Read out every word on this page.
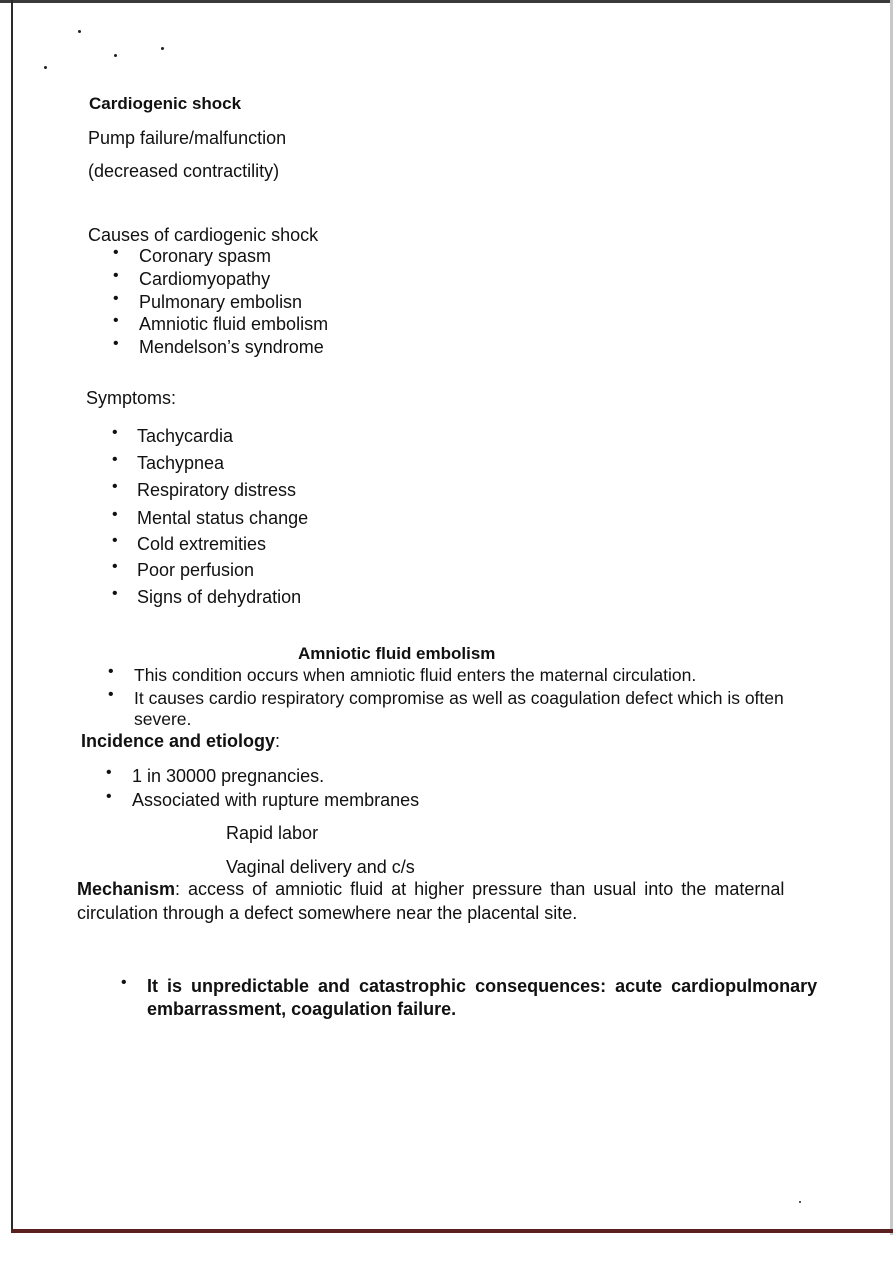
Cardiogenic shock
Pump failure/malfunction
(decreased contractility)
Causes of cardiogenic shock
• Coronary spasm
• Cardiomyopathy
• Pulmonary embolisn
• Amniotic fluid embolism
• Mendelson’s syndrome
Symptoms:
• Tachycardia
• Tachypnea
• Respiratory distress
• Mental status change
• Cold extremities
• Poor perfusion
• Signs of dehydration
Amniotic fluid embolism
• This condition occurs when amniotic fluid enters the maternal circulation.
• It causes cardio respiratory compromise as well as coagulation defect which is often
severe.
Incidence and etiology:
• 1 in 30000 pregnancies.
• Associated with rupture membranes
Rapid labor
Vaginal delivery and c/s
Mechanism: access of amniotic fluid at higher pressure than usual into the maternal
circulation through a defect somewhere near the placental site.
• It is unpredictable and catastrophic consequences: acute cardiopulmonary
embarrassment, coagulation failure.
